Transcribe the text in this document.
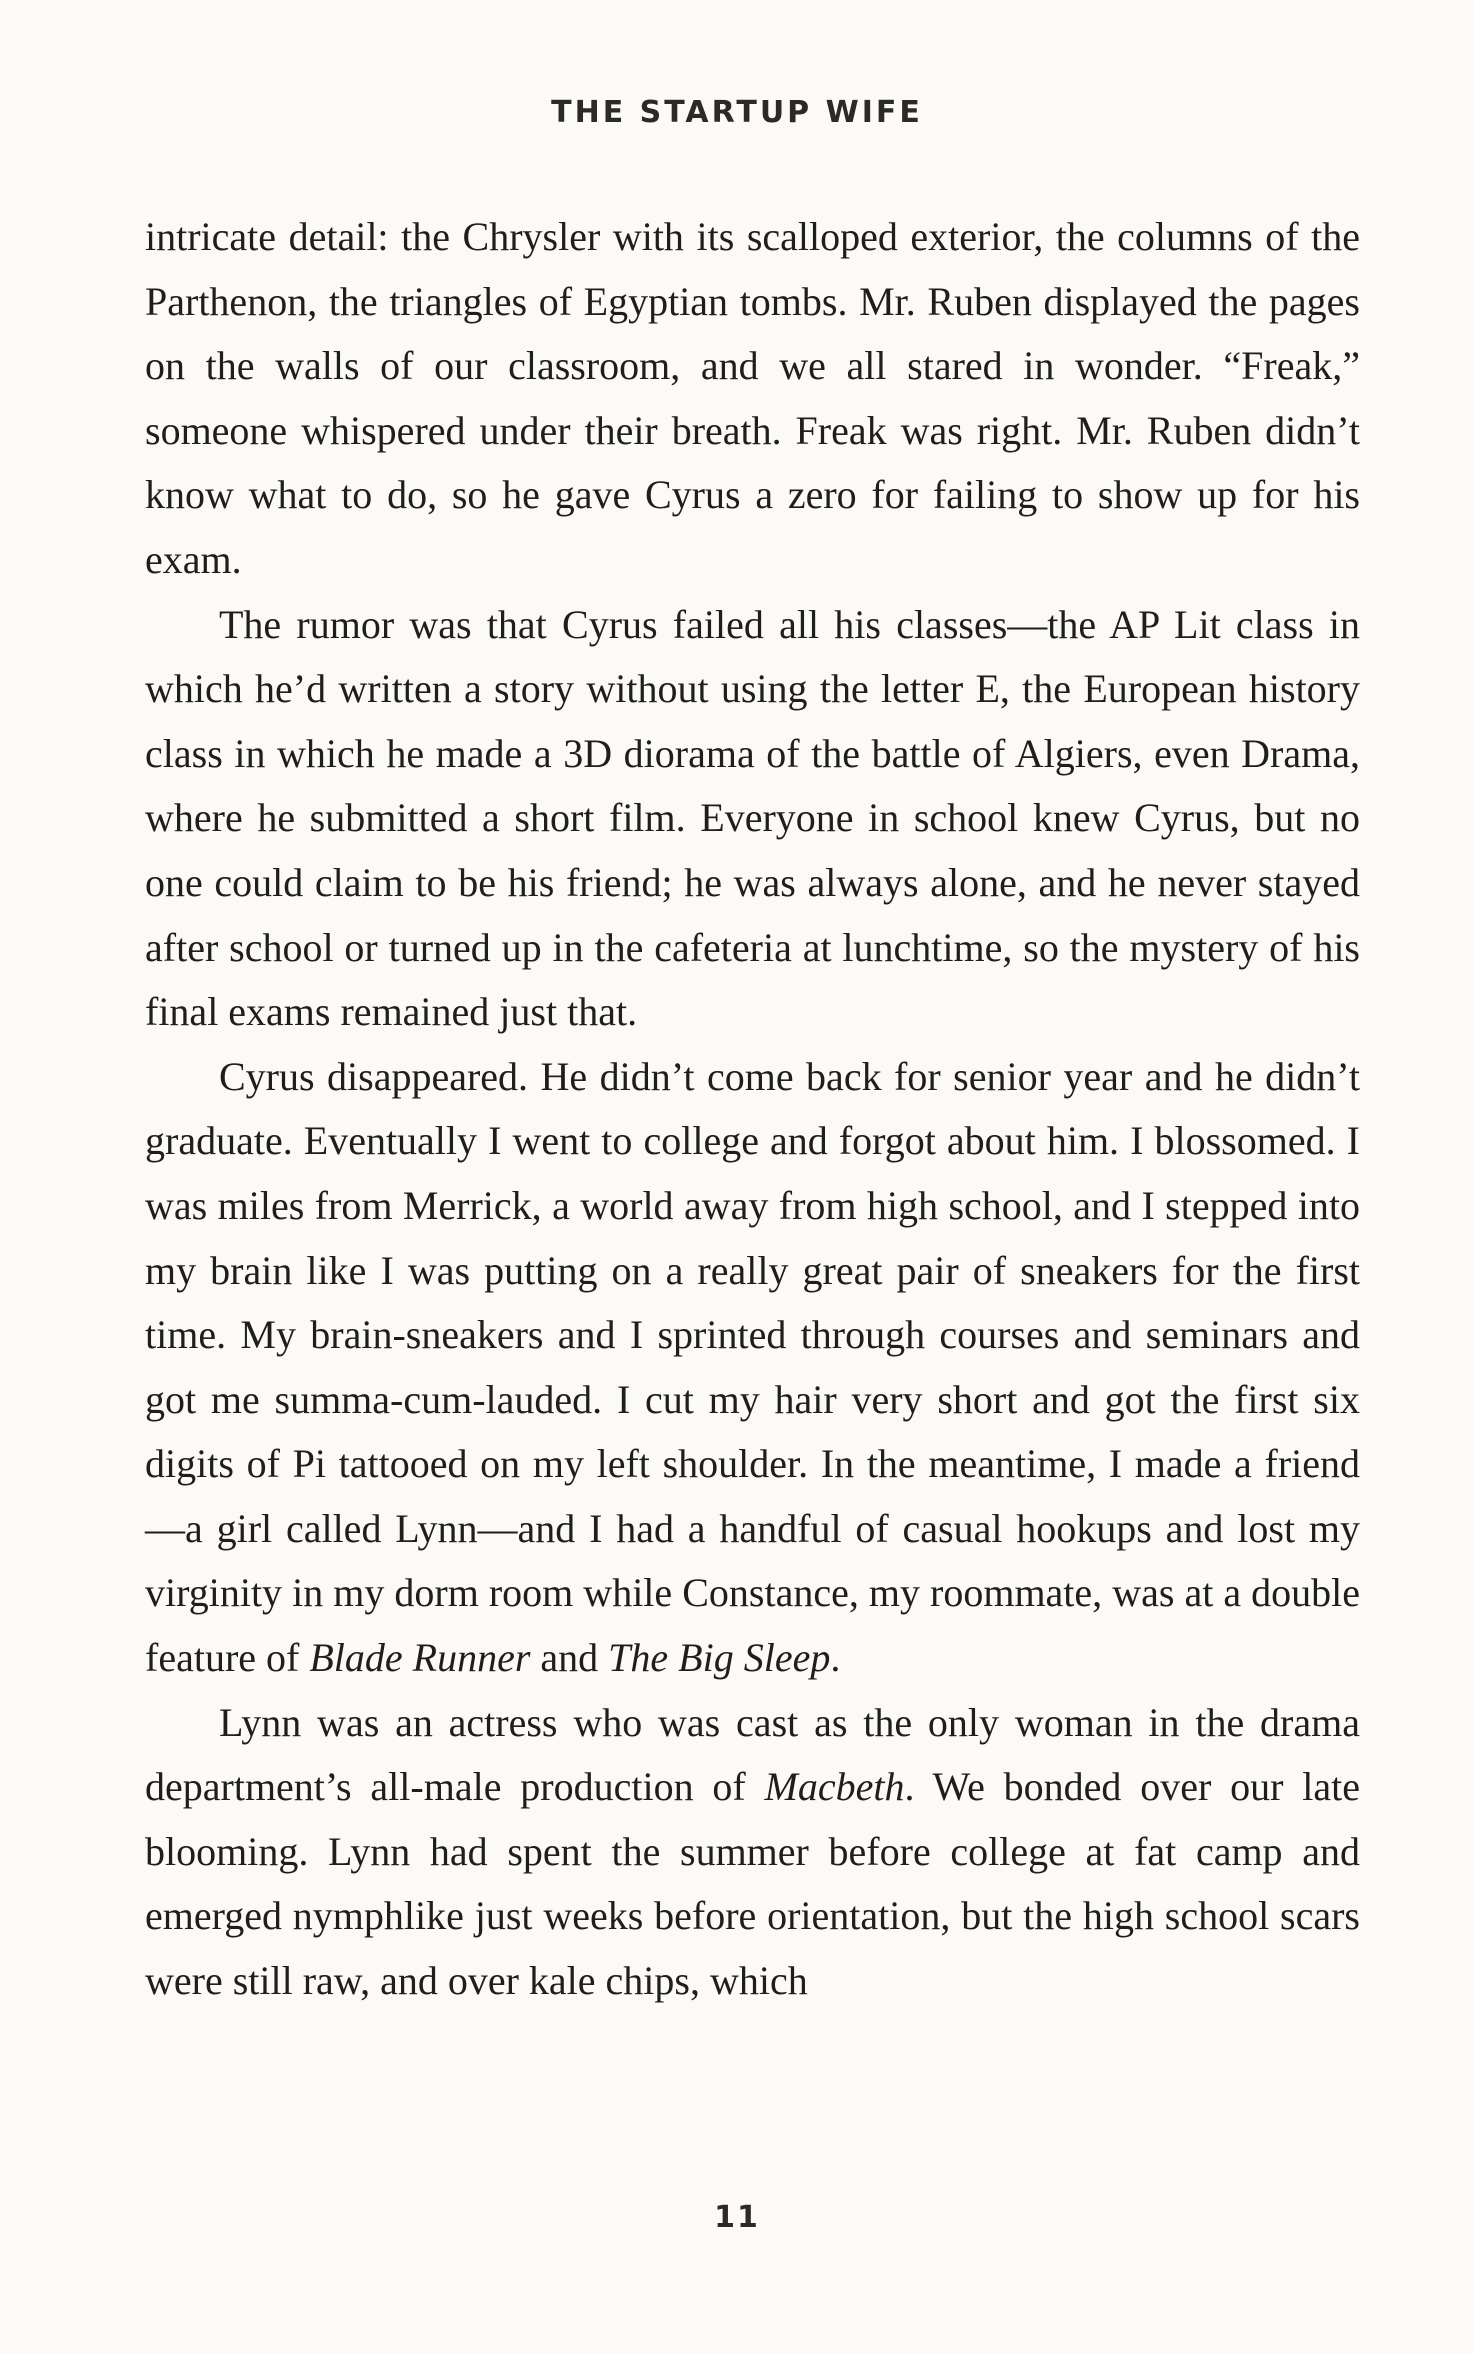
THE STARTUP WIFE

intricate detail: the Chrysler with its scalloped exterior, the columns of the Parthenon, the triangles of Egyptian tombs. Mr. Ruben displayed the pages on the walls of our classroom, and we all stared in wonder. “Freak,” someone whispered under their breath. Freak was right. Mr. Ruben didn’t know what to do, so he gave Cyrus a zero for failing to show up for his exam.

The rumor was that Cyrus failed all his classes—the AP Lit class in which he’d written a story without using the letter E, the European history class in which he made a 3D diorama of the battle of Algiers, even Drama, where he submitted a short film. Everyone in school knew Cyrus, but no one could claim to be his friend; he was always alone, and he never stayed after school or turned up in the cafeteria at lunchtime, so the mystery of his final exams remained just that.

Cyrus disappeared. He didn’t come back for senior year and he didn’t graduate. Eventually I went to college and forgot about him. I blossomed. I was miles from Merrick, a world away from high school, and I stepped into my brain like I was putting on a really great pair of sneakers for the first time. My brain-sneakers and I sprinted through courses and seminars and got me summa-cum-lauded. I cut my hair very short and got the first six digits of Pi tattooed on my left shoulder. In the meantime, I made a friend—a girl called Lynn—and I had a handful of casual hookups and lost my virginity in my dorm room while Constance, my roommate, was at a double feature of Blade Runner and The Big Sleep.

Lynn was an actress who was cast as the only woman in the drama department’s all-male production of Macbeth. We bonded over our late blooming. Lynn had spent the summer before college at fat camp and emerged nymphlike just weeks before orientation, but the high school scars were still raw, and over kale chips, which

11
